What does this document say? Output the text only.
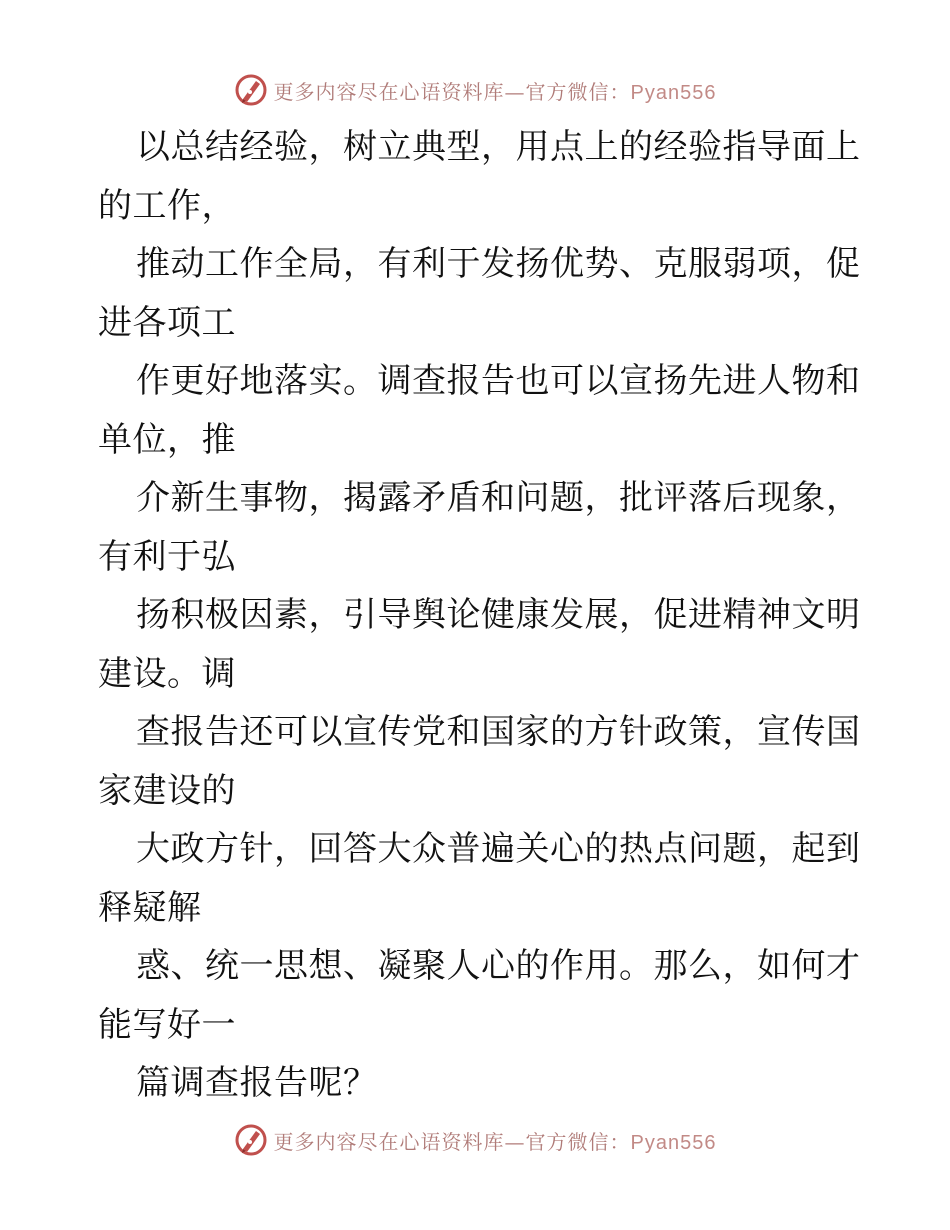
更多内容尽在心语资料库—官方微信：Pyan556
以总结经验，树立典型，用点上的经验指导面上
的工作，
推动工作全局，有利于发扬优势、克服弱项，促
进各项工
作更好地落实。调查报告也可以宣扬先进人物和
单位，推
介新生事物，揭露矛盾和问题，批评落后现象，
有利于弘
扬积极因素，引导舆论健康发展，促进精神文明
建设。调
查报告还可以宣传党和国家的方针政策，宣传国
家建设的
大政方针，回答大众普遍关心的热点问题，起到
释疑解
惑、统一思想、凝聚人心的作用。那么，如何才
能写好一
篇调查报告呢？
更多内容尽在心语资料库—官方微信：Pyan556
